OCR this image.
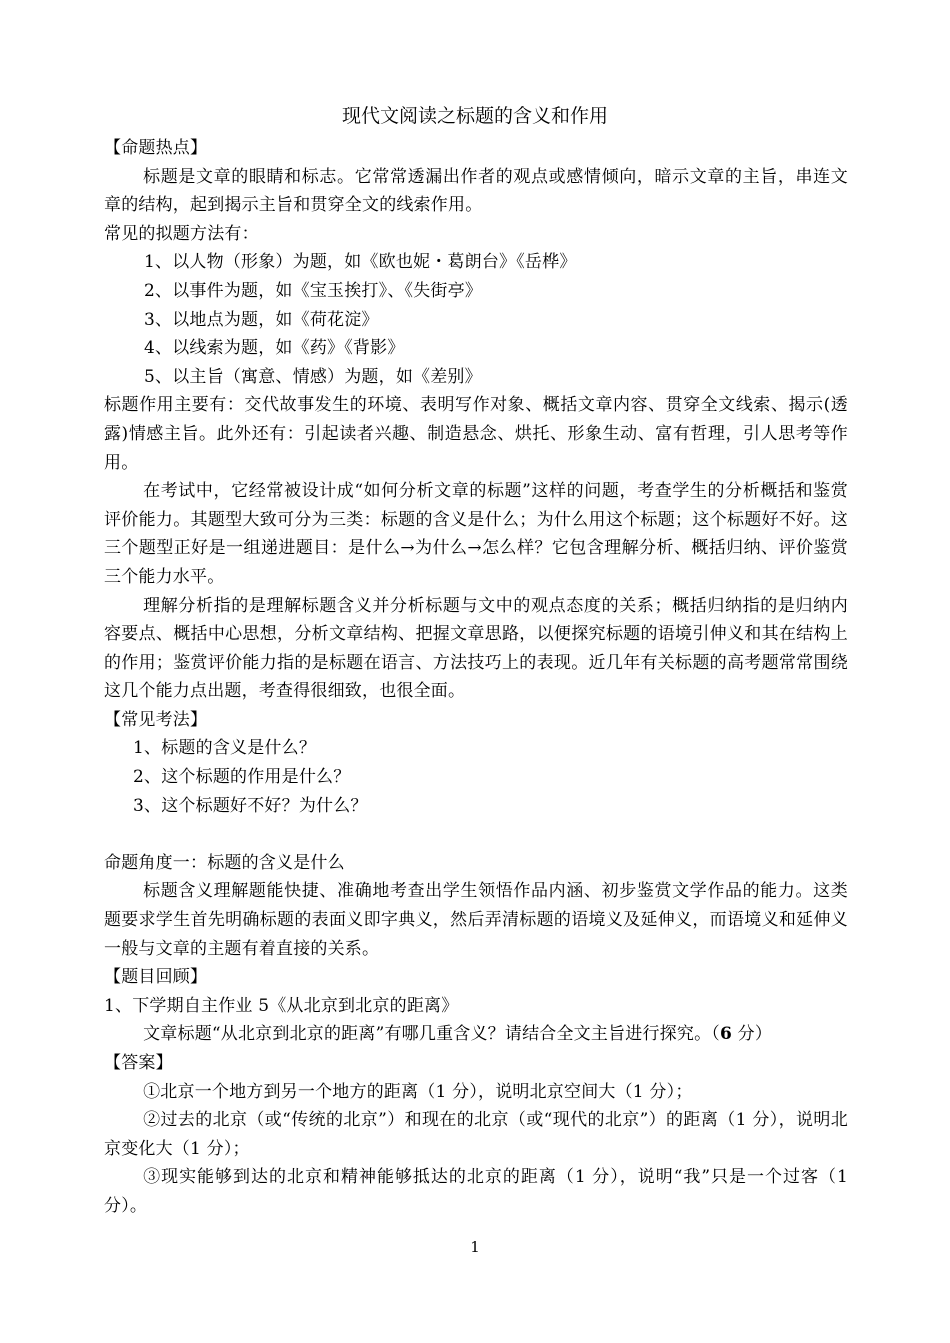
现代文阅读之标题的含义和作用

【命题热点】

标题是文章的眼睛和标志。它常常透漏出作者的观点或感情倾向，暗示文章的主旨，串连文章的结构，起到揭示主旨和贯穿全文的线索作用。

常见的拟题方法有：

1、以人物（形象）为题，如《欧也妮・葛朗台》《岳桦》

2、以事件为题，如《宝玉挨打》、《失街亭》

3、以地点为题，如《荷花淀》

4、以线索为题，如《药》《背影》

5、以主旨（寓意、情感）为题，如《差别》

标题作用主要有：交代故事发生的环境、表明写作对象、概括文章内容、贯穿全文线索、揭示(透露)情感主旨。此外还有：引起读者兴趣、制造悬念、烘托、形象生动、富有哲理，引人思考等作用。

在考试中，它经常被设计成“如何分析文章的标题”这样的问题，考查学生的分析概括和鉴赏评价能力。其题型大致可分为三类：标题的含义是什么；为什么用这个标题；这个标题好不好。这三个题型正好是一组递进题目：是什么→为什么→怎么样？它包含理解分析、概括归纳、评价鉴赏三个能力水平。

理解分析指的是理解标题含义并分析标题与文中的观点态度的关系；概括归纳指的是归纳内容要点、概括中心思想，分析文章结构、把握文章思路，以便探究标题的语境引伸义和其在结构上的作用；鉴赏评价能力指的是标题在语言、方法技巧上的表现。近几年有关标题的高考题常常围绕这几个能力点出题，考查得很细致，也很全面。

【常见考法】

1、标题的含义是什么？

2、这个标题的作用是什么？

3、这个标题好不好？为什么？

命题角度一：标题的含义是什么

标题含义理解题能快捷、准确地考查出学生领悟作品内涵、初步鉴赏文学作品的能力。这类题要求学生首先明确标题的表面义即字典义，然后弄清标题的语境义及延伸义，而语境义和延伸义一般与文章的主题有着直接的关系。

【题目回顾】

1、下学期自主作业 5《从北京到北京的距离》

文章标题“从北京到北京的距离”有哪几重含义？请结合全文主旨进行探究。（6 分）

【答案】

①北京一个地方到另一个地方的距离（1 分），说明北京空间大（1 分）；

②过去的北京（或“传统的北京”）和现在的北京（或“现代的北京”）的距离（1 分），说明北京变化大（1 分）；

③现实能够到达的北京和精神能够抵达的北京的距离（1 分），说明“我”只是一个过客（1 分）。

1
